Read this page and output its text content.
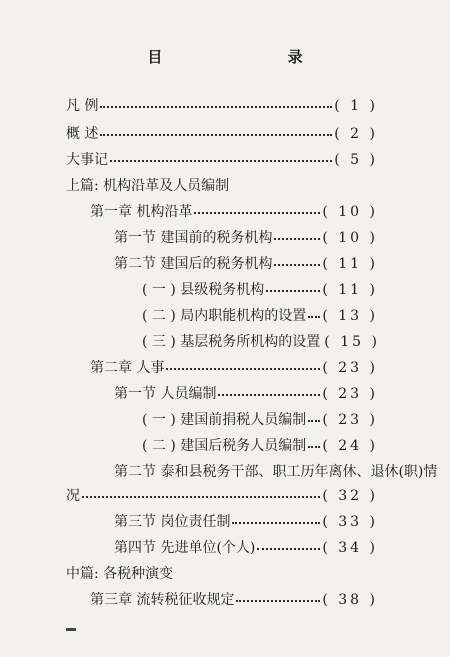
目 录
凡 例	( 1 )
概 述	( 2 )
大事记	( 5 )
上篇: 机构沿革及人员编制
第一章 机构沿革	( 10 )
第一节 建国前的税务机构	( 10 )
第二节 建国后的税务机构	( 11 )
( 一 ) 县级税务机构	( 11 )
( 二 ) 局内职能机构的设置 ( 13 )
( 三 ) 基层税务所机构的设置 ( 15 )
第二章 人事	( 23 )
第一节 人员编制	( 23 )
( 一 ) 建国前捐税人员编制 ( 23 )
( 二 ) 建国后税务人员编制 ( 24 )
第二节 泰和县税务干部、职工历年离休、退休(职)情
况	( 32 )
第三节 岗位责任制	( 33 )
第四节 先进单位(个人)	( 34 )
中篇: 各税种演变
第三章 流转税征收规定	( 38 )
